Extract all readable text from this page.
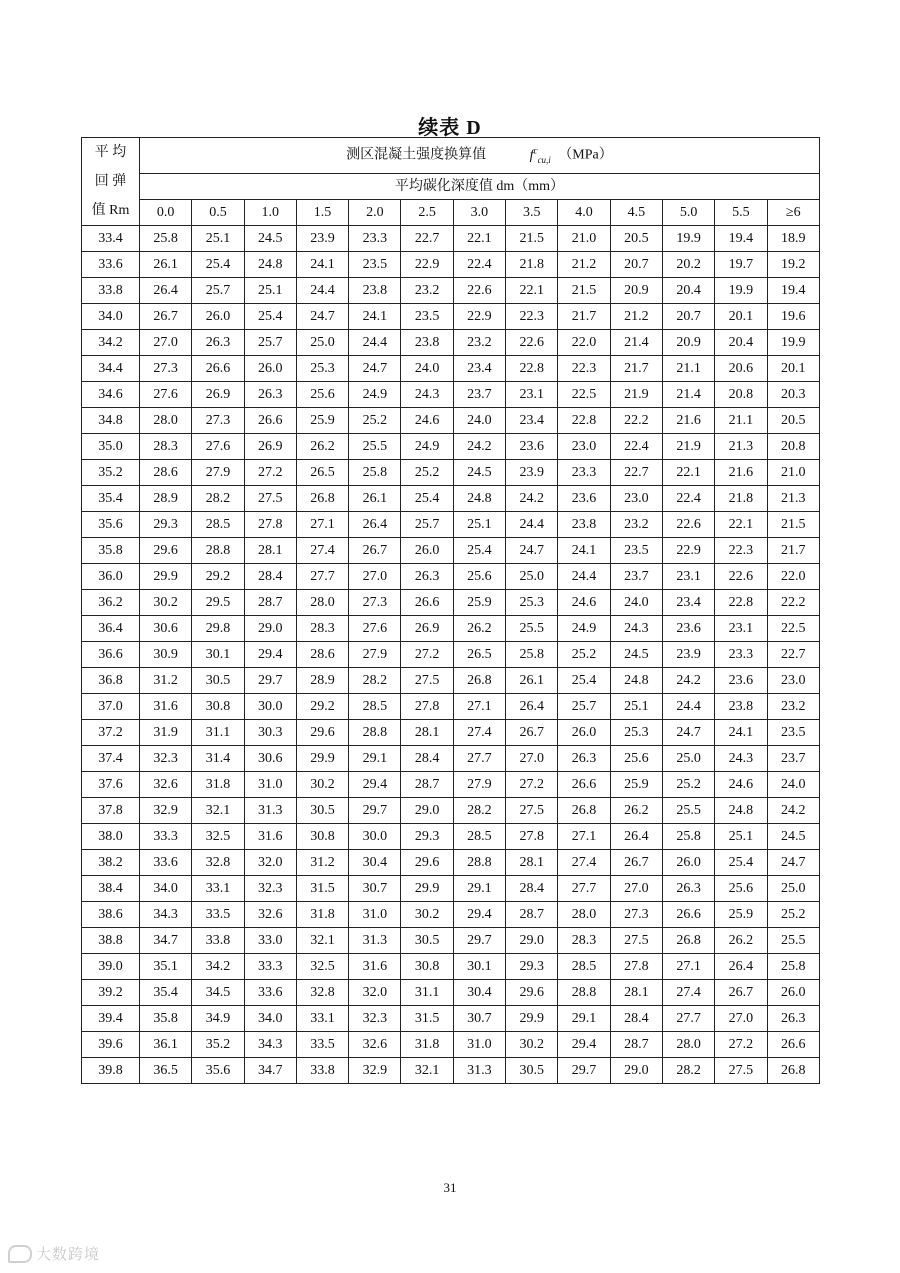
续表 D
平 均
回 弹
值 Rm	测区混凝土强度换算值 $f^c_{cu,i}$ （MPa）												
	平均碳化深度值 dm（mm）												
	0.0	0.5	1.0	1.5	2.0	2.5	3.0	3.5	4.0	4.5	5.0	5.5	≥6
33.4	25.8	25.1	24.5	23.9	23.3	22.7	22.1	21.5	21.0	20.5	19.9	19.4	18.9
33.6	26.1	25.4	24.8	24.1	23.5	22.9	22.4	21.8	21.2	20.7	20.2	19.7	19.2
33.8	26.4	25.7	25.1	24.4	23.8	23.2	22.6	22.1	21.5	20.9	20.4	19.9	19.4
34.0	26.7	26.0	25.4	24.7	24.1	23.5	22.9	22.3	21.7	21.2	20.7	20.1	19.6
34.2	27.0	26.3	25.7	25.0	24.4	23.8	23.2	22.6	22.0	21.4	20.9	20.4	19.9
34.4	27.3	26.6	26.0	25.3	24.7	24.0	23.4	22.8	22.3	21.7	21.1	20.6	20.1
34.6	27.6	26.9	26.3	25.6	24.9	24.3	23.7	23.1	22.5	21.9	21.4	20.8	20.3
34.8	28.0	27.3	26.6	25.9	25.2	24.6	24.0	23.4	22.8	22.2	21.6	21.1	20.5
35.0	28.3	27.6	26.9	26.2	25.5	24.9	24.2	23.6	23.0	22.4	21.9	21.3	20.8
35.2	28.6	27.9	27.2	26.5	25.8	25.2	24.5	23.9	23.3	22.7	22.1	21.6	21.0
35.4	28.9	28.2	27.5	26.8	26.1	25.4	24.8	24.2	23.6	23.0	22.4	21.8	21.3
35.6	29.3	28.5	27.8	27.1	26.4	25.7	25.1	24.4	23.8	23.2	22.6	22.1	21.5
35.8	29.6	28.8	28.1	27.4	26.7	26.0	25.4	24.7	24.1	23.5	22.9	22.3	21.7
36.0	29.9	29.2	28.4	27.7	27.0	26.3	25.6	25.0	24.4	23.7	23.1	22.6	22.0
36.2	30.2	29.5	28.7	28.0	27.3	26.6	25.9	25.3	24.6	24.0	23.4	22.8	22.2
36.4	30.6	29.8	29.0	28.3	27.6	26.9	26.2	25.5	24.9	24.3	23.6	23.1	22.5
36.6	30.9	30.1	29.4	28.6	27.9	27.2	26.5	25.8	25.2	24.5	23.9	23.3	22.7
36.8	31.2	30.5	29.7	28.9	28.2	27.5	26.8	26.1	25.4	24.8	24.2	23.6	23.0
37.0	31.6	30.8	30.0	29.2	28.5	27.8	27.1	26.4	25.7	25.1	24.4	23.8	23.2
37.2	31.9	31.1	30.3	29.6	28.8	28.1	27.4	26.7	26.0	25.3	24.7	24.1	23.5
37.4	32.3	31.4	30.6	29.9	29.1	28.4	27.7	27.0	26.3	25.6	25.0	24.3	23.7
37.6	32.6	31.8	31.0	30.2	29.4	28.7	27.9	27.2	26.6	25.9	25.2	24.6	24.0
37.8	32.9	32.1	31.3	30.5	29.7	29.0	28.2	27.5	26.8	26.2	25.5	24.8	24.2
38.0	33.3	32.5	31.6	30.8	30.0	29.3	28.5	27.8	27.1	26.4	25.8	25.1	24.5
38.2	33.6	32.8	32.0	31.2	30.4	29.6	28.8	28.1	27.4	26.7	26.0	25.4	24.7
38.4	34.0	33.1	32.3	31.5	30.7	29.9	29.1	28.4	27.7	27.0	26.3	25.6	25.0
38.6	34.3	33.5	32.6	31.8	31.0	30.2	29.4	28.7	28.0	27.3	26.6	25.9	25.2
38.8	34.7	33.8	33.0	32.1	31.3	30.5	29.7	29.0	28.3	27.5	26.8	26.2	25.5
39.0	35.1	34.2	33.3	32.5	31.6	30.8	30.1	29.3	28.5	27.8	27.1	26.4	25.8
39.2	35.4	34.5	33.6	32.8	32.0	31.1	30.4	29.6	28.8	28.1	27.4	26.7	26.0
39.4	35.8	34.9	34.0	33.1	32.3	31.5	30.7	29.9	29.1	28.4	27.7	27.0	26.3
39.6	36.1	35.2	34.3	33.5	32.6	31.8	31.0	30.2	29.4	28.7	28.0	27.2	26.6
39.8	36.5	35.6	34.7	33.8	32.9	32.1	31.3	30.5	29.7	29.0	28.2	27.5	26.8
31
大数跨境
